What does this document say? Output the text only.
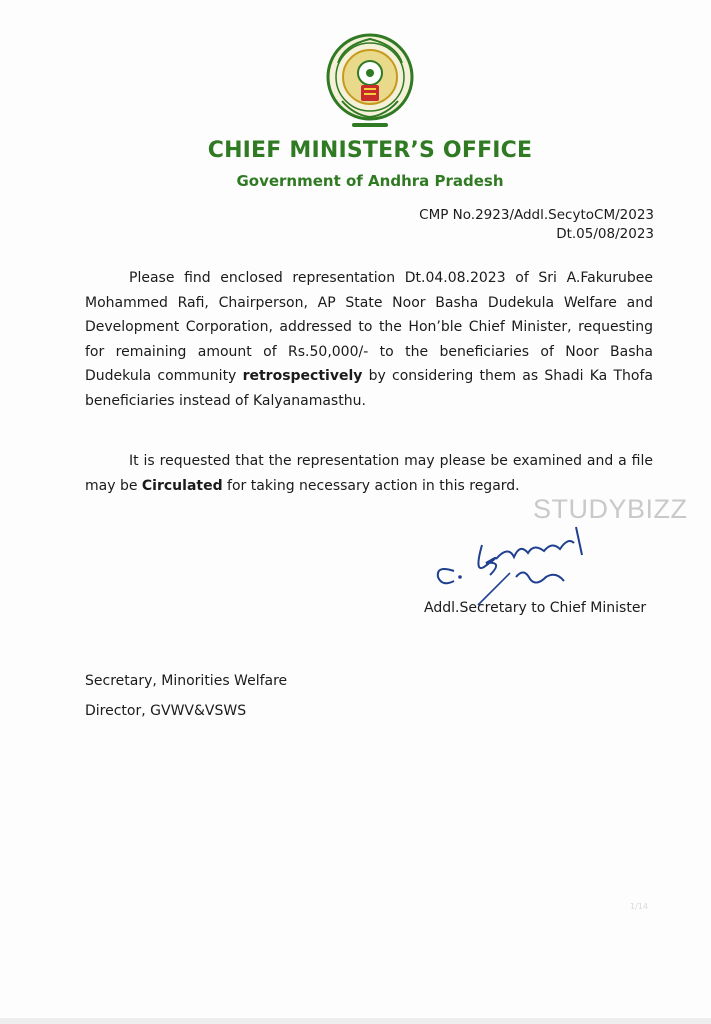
CHIEF MINISTER’S OFFICE
Government of Andhra Pradesh
CMP No.2923/Addl.SecytoCM/2023
Dt.05/08/2023
Please find enclosed representation Dt.04.08.2023 of Sri A.Fakurubee Mohammed Rafi, Chairperson, AP State Noor Basha Dudekula Welfare and Development Corporation, addressed to the Hon’ble Chief Minister, requesting for remaining amount of Rs.50,000/- to the beneficiaries of Noor Basha Dudekula community retrospectively by considering them as Shadi Ka Thofa beneficiaries instead of Kalyanamasthu.
It is requested that the representation may please be examined and a file may be Circulated for taking necessary action in this regard.
STUDYBIZZ
Addl.Secretary to Chief Minister
Secretary, Minorities Welfare
Director, GVWV&VSWS
1/14
